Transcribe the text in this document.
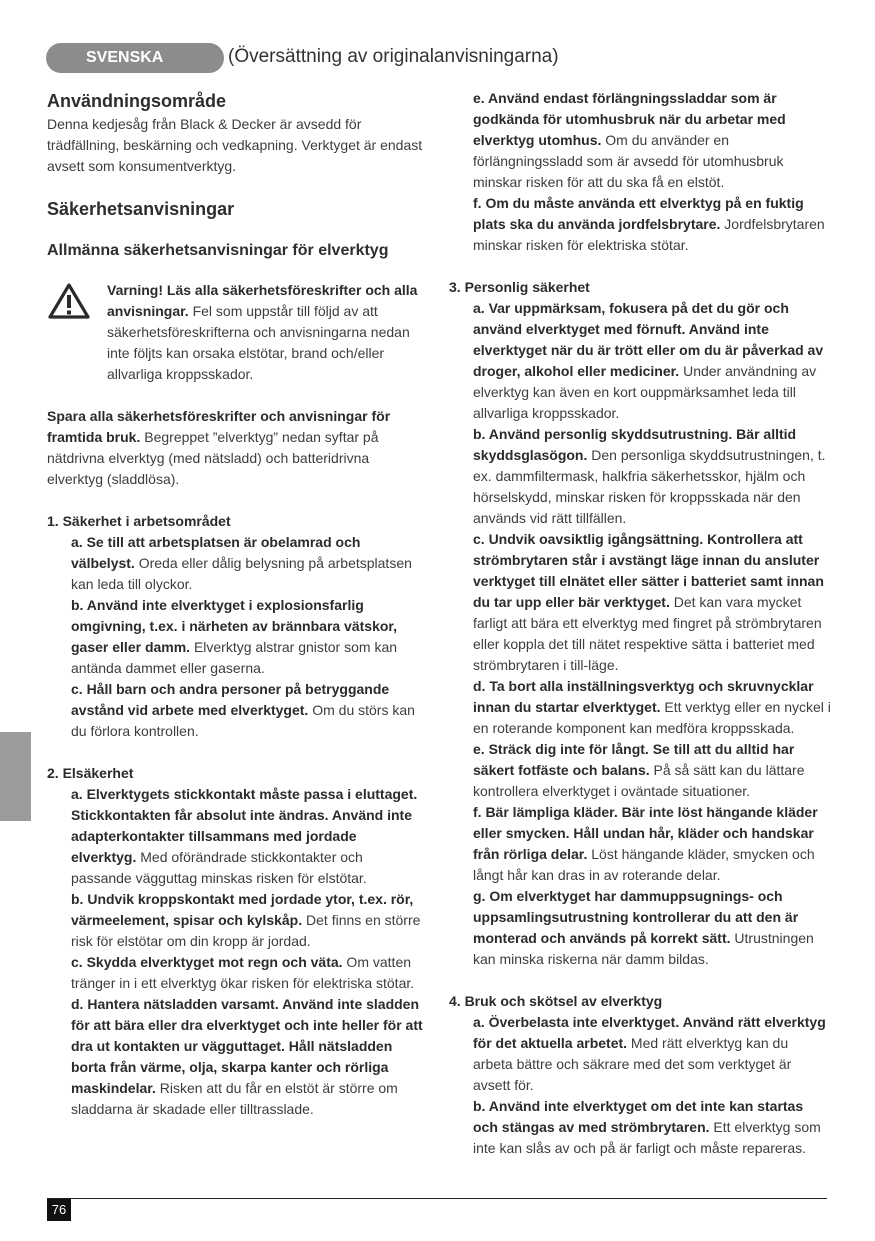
SVENSKA	(Översättning av originalanvisningarna)
Användningsområde

Denna kedjesåg från Black & Decker är avsedd för trädfällning, beskärning och vedkapning. Verktyget är endast avsett som konsumentverktyg.

Säkerhetsanvisningar
Allmänna säkerhetsanvisningar för elverktyg

Varning! Läs alla säkerhetsföreskrifter och alla anvisningar. Fel som uppstår till följd av att säkerhetsföreskrifterna och anvisningarna nedan inte följts kan orsaka elstötar, brand och/eller allvarliga kroppsskador.

Spara alla säkerhetsföreskrifter och anvisningar för framtida bruk. Begreppet ”elverktyg” nedan syftar på nätdrivna elverktyg (med nätsladd) och batteridrivna elverktyg (sladdlösa).

1. Säkerhet i arbetsområdet

a. Se till att arbetsplatsen är obelamrad och välbelyst. Oreda eller dålig belysning på arbetsplatsen kan leda till olyckor.

b. Använd inte elverktyget i explosionsfarlig omgivning, t.ex. i närheten av brännbara vätskor, gaser eller damm. Elverktyg alstrar gnistor som kan antända dammet eller gaserna.

c. Håll barn och andra personer på betryggande avstånd vid arbete med elverktyget. Om du störs kan du förlora kontrollen.

2. Elsäkerhet

a. Elverktygets stickkontakt måste passa i eluttaget. Stickkontakten får absolut inte ändras. Använd inte adapterkontakter tillsammans med jordade elverktyg. Med oförändrade stickkontakter och passande vägguttag minskas risken för elstötar.

b. Undvik kroppskontakt med jordade ytor, t.ex. rör, värmeelement, spisar och kylskåp. Det finns en större risk för elstötar om din kropp är jordad.

c. Skydda elverktyget mot regn och väta. Om vatten tränger in i ett elverktyg ökar risken för elektriska stötar.

d. Hantera nätsladden varsamt. Använd inte sladden för att bära eller dra elverktyget och inte heller för att dra ut kontakten ur vägguttaget. Håll nätsladden borta från värme, olja, skarpa kanter och rörliga maskindelar. Risken att du får en elstöt är större om sladdarna är skadade eller tilltrasslade.

e. Använd endast förlängningssladdar som är godkända för utomhusbruk när du arbetar med elverktyg utomhus. Om du använder en förlängningssladd som är avsedd för utomhusbruk minskar risken för att du ska få en elstöt.

f. Om du måste använda ett elverktyg på en fuktig plats ska du använda jordfelsbrytare. Jordfelsbrytaren minskar risken för elektriska stötar.

3. Personlig säkerhet

a. Var uppmärksam, fokusera på det du gör och använd elverktyget med förnuft. Använd inte elverktyget när du är trött eller om du är påverkad av droger, alkohol eller mediciner. Under användning av elverktyg kan även en kort ouppmärksamhet leda till allvarliga kroppsskador.

b. Använd personlig skyddsutrustning. Bär alltid skyddsglasögon. Den personliga skyddsutrustningen, t. ex. dammfiltermask, halkfria säkerhetsskor, hjälm och hörselskydd, minskar risken för kroppsskada när den används vid rätt tillfällen.

c. Undvik oavsiktlig igångsättning. Kontrollera att strömbrytaren står i avstängt läge innan du ansluter verktyget till elnätet eller sätter i batteriet samt innan du tar upp eller bär verktyget. Det kan vara mycket farligt att bära ett elverktyg med fingret på strömbrytaren eller koppla det till nätet respektive sätta i batteriet med strömbrytaren i till-läge.

d. Ta bort alla inställningsverktyg och skruvnycklar innan du startar elverktyget. Ett verktyg eller en nyckel i en roterande komponent kan medföra kroppsskada.

e. Sträck dig inte för långt. Se till att du alltid har säkert fotfäste och balans. På så sätt kan du lättare kontrollera elverktyget i oväntade situationer.

f. Bär lämpliga kläder. Bär inte löst hängande kläder eller smycken. Håll undan hår, kläder och handskar från rörliga delar. Löst hängande kläder, smycken och långt hår kan dras in av roterande delar.

g. Om elverktyget har dammuppsugnings- och uppsamlingsutrustning kontrollerar du att den är monterad och används på korrekt sätt. Utrustningen kan minska riskerna när damm bildas.

4. Bruk och skötsel av elverktyg

a. Överbelasta inte elverktyget. Använd rätt elverktyg för det aktuella arbetet. Med rätt elverktyg kan du arbeta bättre och säkrare med det som verktyget är avsett för.

b. Använd inte elverktyget om det inte kan startas och stängas av med strömbrytaren. Ett elverktyg som inte kan slås av och på är farligt och måste repareras.

76
